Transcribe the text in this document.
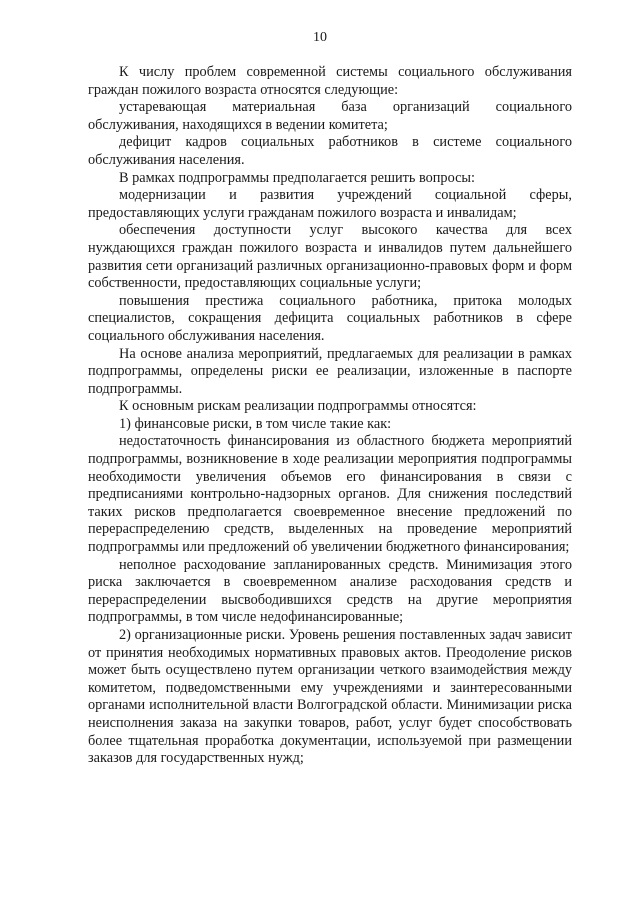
10

К числу проблем современной системы социального обслуживания граждан пожилого возраста относятся следующие:

устаревающая материальная база организаций социального обслуживания, находящихся в ведении комитета;

дефицит кадров социальных работников в системе социального обслуживания населения.

В рамках подпрограммы предполагается решить вопросы:

модернизации и развития учреждений социальной сферы, предоставляющих услуги гражданам пожилого возраста и инвалидам;

обеспечения доступности услуг высокого качества для всех нуждающихся граждан пожилого возраста и инвалидов путем дальнейшего развития сети организаций различных организационно-правовых форм и форм собственности, предоставляющих социальные услуги;

повышения престижа социального работника, притока молодых специалистов, сокращения дефицита социальных работников в сфере социального обслуживания населения.

На основе анализа мероприятий, предлагаемых для реализации в рамках подпрограммы, определены риски ее реализации, изложенные в паспорте подпрограммы.

К основным рискам реализации подпрограммы относятся:

1) финансовые риски, в том числе такие как:

недостаточность финансирования из областного бюджета мероприятий подпрограммы, возникновение в ходе реализации мероприятия подпрограммы необходимости увеличения объемов его финансирования в связи с предписаниями контрольно-надзорных органов. Для снижения последствий таких рисков предполагается своевременное внесение предложений по перераспределению средств, выделенных на проведение мероприятий подпрограммы или предложений об увеличении бюджетного финансирования;

неполное расходование запланированных средств. Минимизация этого риска заключается в своевременном анализе расходования средств и перераспределении высвободившихся средств на другие мероприятия подпрограммы, в том числе недофинансированные;

2) организационные риски. Уровень решения поставленных задач зависит от принятия необходимых нормативных правовых актов. Преодоление рисков может быть осуществлено путем организации четкого взаимодействия между комитетом, подведомственными ему учреждениями и заинтересованными органами исполнительной власти Волгоградской области. Минимизации риска неисполнения заказа на закупки товаров, работ, услуг будет способствовать более тщательная проработка документации, используемой при размещении заказов для государственных нужд;
